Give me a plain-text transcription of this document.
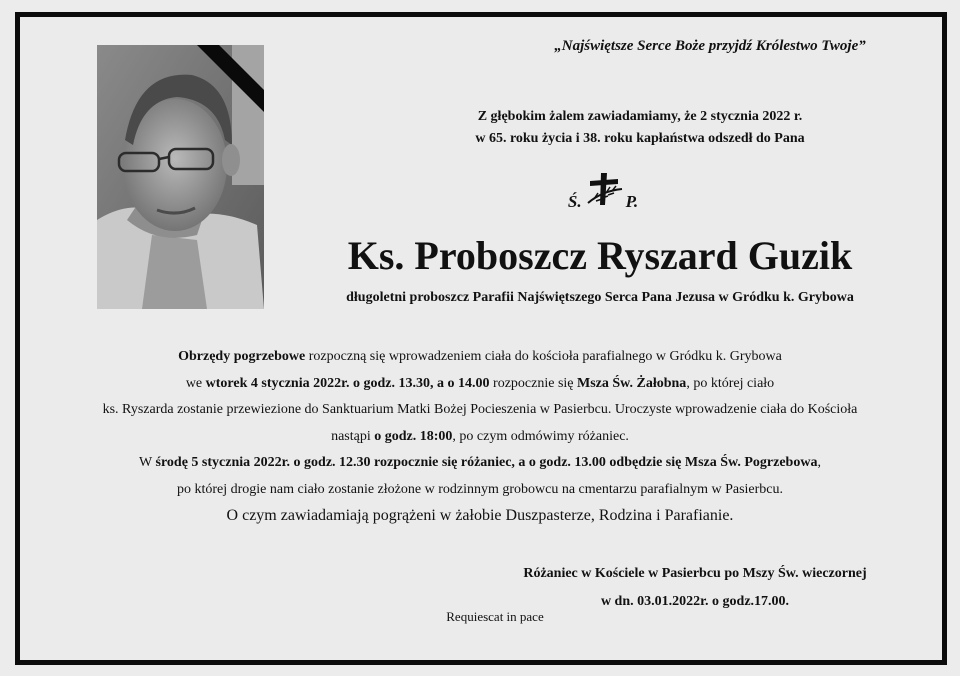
„Najświętsze Serce Boże przyjdź Królestwo Twoje”
Z głębokim żalem zawiadamiamy, że 2 stycznia 2022 r.
w 65. roku życia i 38. roku kapłaństwa odszedł do Pana
Ś.	P.
Ks. Proboszcz Ryszard Guzik
długoletni proboszcz Parafii Najświętszego Serca Pana Jezusa w Gródku k. Grybowa
Obrzędy pogrzebowe rozpoczną się wprowadzeniem ciała do kościoła parafialnego w Gródku k. Grybowa
we wtorek 4 stycznia 2022r. o godz. 13.30, a o 14.00 rozpocznie się Msza Św. Żałobna, po której ciało
ks. Ryszarda zostanie przewiezione do Sanktuarium Matki Bożej Pocieszenia w Pasierbcu. Uroczyste wprowadzenie ciała do Kościoła
nastąpi o godz. 18:00, po czym odmówimy różaniec.
W środę 5 stycznia 2022r. o godz. 12.30 rozpocznie się różaniec, a o godz. 13.00 odbędzie się Msza Św. Pogrzebowa,
po której drogie nam ciało zostanie złożone w rodzinnym grobowcu na cmentarzu parafialnym w Pasierbcu.
O czym zawiadamiają pogrążeni w żałobie Duszpasterze, Rodzina i Parafianie.
Różaniec w Kościele w Pasierbcu po Mszy Św. wieczornej
w dn. 03.01.2022r. o godz.17.00.
Requiescat in pace
